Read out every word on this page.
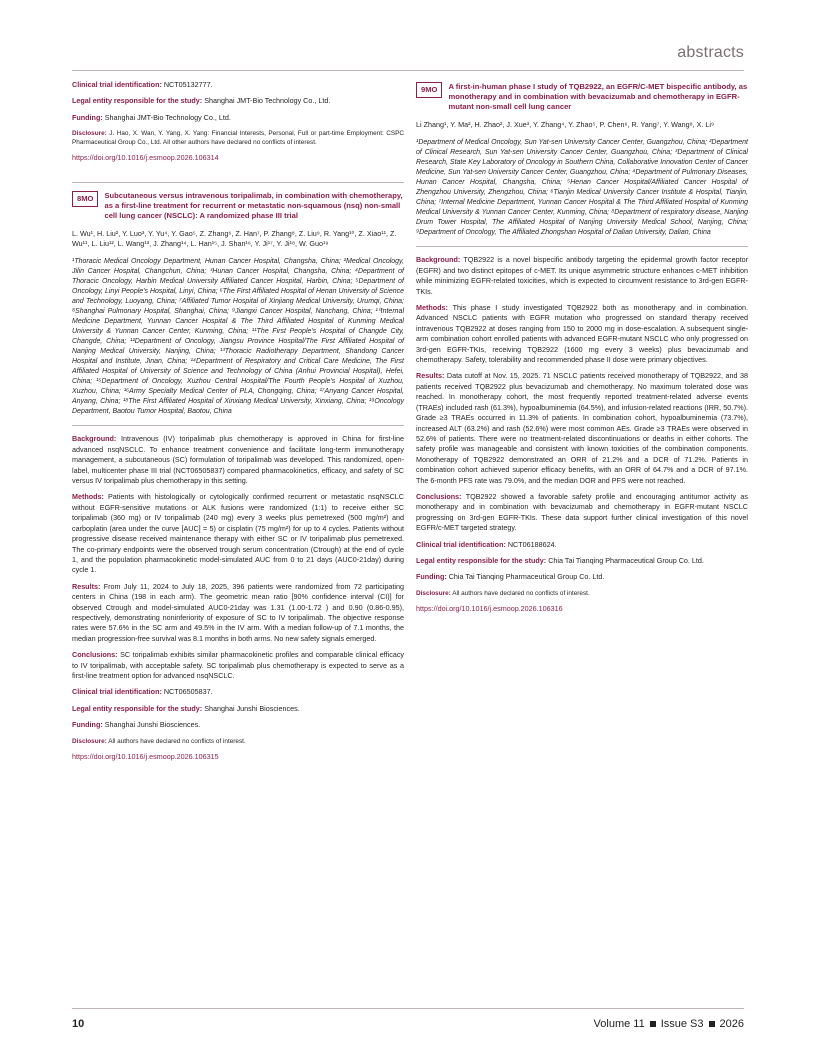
abstracts

Clinical trial identification: NCT05132777.

Legal entity responsible for the study: Shanghai JMT-Bio Technology Co., Ltd.

Funding: Shanghai JMT-Bio Technology Co., Ltd.

Disclosure: J. Hao, X. Wan, Y. Yang, X. Yang: Financial Interests, Personal, Full or part-time Employment: CSPC Pharmaceutical Group Co., Ltd. All other authors have declared no conflicts of interest.

https://doi.org/10.1016/j.esmoop.2026.106314

8MO	Subcutaneous versus intravenous toripalimab, in combination with chemotherapy, as a first-line treatment for recurrent or metastatic non-squamous (nsq) non-small cell lung cancer (NSCLC): A randomized phase III trial
L. Wu¹, H. Liu², Y. Luo³, Y. Yu⁴, Y. Gao⁵, Z. Zhang⁶, Z. Han⁷, P. Zhang⁸, Z. Liu⁹, R. Yang¹⁰, Z. Xiao¹¹, Z. Wu¹¹, L. Liu¹², L. Wang¹³, J. Zhang¹⁴, L. Han¹⁵, J. Shan¹⁶, Y. Ji¹⁷, Y. Ji¹⁸, W. Guo¹⁹
¹Thoracic Medical Oncology Department, Hunan Cancer Hospital, Changsha, China; ²Medical Oncology, Jilin Cancer Hospital, Changchun, China; ³Hunan Cancer Hospital, Changsha, China; ⁴Department of Thoracic Oncology, Harbin Medical University Affiliated Cancer Hospital, Harbin, China; ⁵Department of Oncology, Linyi People's Hospital, Linyi, China; ⁶The First Affiliated Hospital of Henan University of Science and Technology, Luoyang, China; ⁷Affiliated Tumor Hospital of Xinjiang Medical University, Urumqi, China; ⁸Shanghai Pulmonary Hospital, Shanghai, China; ⁹Jiangxi Cancer Hospital, Nanchang, China; ¹⁰Internal Medicine Department, Yunnan Cancer Hospital & The Third Affiliated Hospital of Kunming Medical University & Yunnan Cancer Center, Kunming, China; ¹¹The First People's Hospital of Changde City, Changde, China; ¹²Department of Oncology, Jiangsu Province Hospital/The First Affiliated Hospital of Nanjing Medical University, Nanjing, China; ¹³Thoracic Radiotherapy Department, Shandong Cancer Hospital and Institute, Jinan, China; ¹⁴Department of Respiratory and Critical Care Medicine, The First Affiliated Hospital of University of Science and Technology of China (Anhui Provincial Hospital), Hefei, China; ¹⁵Department of Oncology, Xuzhou Central Hospital/The Fourth People's Hospital of Xuzhou, Xuzhou, China; ¹⁶Army Specialty Medical Center of PLA, Chongqing, China; ¹⁷Anyang Cancer Hospital, Anyang, China; ¹⁸The First Affiliated Hospital of Xinxiang Medical University, Xinxiang, China; ¹⁹Oncology Department, Baotou Tumor Hospital, Baotou, China

Background: Intravenous (IV) toripalimab plus chemotherapy is approved in China for first-line advanced nsqNSCLC. To enhance treatment convenience and facilitate long-term immunotherapy management, a subcutaneous (SC) formulation of toripalimab was developed. This randomized, open-label, multicenter phase III trial (NCT06505837) compared pharmacokinetics, efficacy, and safety of SC versus IV toripalimab plus chemotherapy in this setting.

Methods: Patients with histologically or cytologically confirmed recurrent or metastatic nsqNSCLC without EGFR-sensitive mutations or ALK fusions were randomized (1:1) to receive either SC toripalimab (360 mg) or IV toripalimab (240 mg) every 3 weeks plus pemetrexed (500 mg/m²) and carboplatin (area under the curve [AUC] = 5) or cisplatin (75 mg/m²) for up to 4 cycles. Patients without progressive disease received maintenance therapy with either SC or IV toripalimab plus pemetrexed. The co-primary endpoints were the observed trough serum concentration (Ctrough) at the end of cycle 1, and the population pharmacokinetic model-simulated AUC from 0 to 21 days (AUC0-21day) during cycle 1.

Results: From July 11, 2024 to July 18, 2025, 396 patients were randomized from 72 participating centers in China (198 in each arm). The geometric mean ratio [90% confidence interval (CI)] for observed Ctrough and model-simulated AUC0-21day was 1.31 (1.00-1.72 ) and 0.90 (0.86-0.95), respectively, demonstrating noninferiority of exposure of SC to IV toripalimab. The objective response rates were 57.6% in the SC arm and 49.5% in the IV arm. With a median follow-up of 7.1 months, the median progression-free survival was 8.1 months in both arms. No new safety signals emerged.

Conclusions: SC toripalimab exhibits similar pharmacokinetic profiles and comparable clinical efficacy to IV toripalimab, with acceptable safety. SC toripalimab plus chemotherapy is expected to serve as a first-line treatment option for advanced nsqNSCLC.

Clinical trial identification: NCT06505837.

Legal entity responsible for the study: Shanghai Junshi Biosciences.

Funding: Shanghai Junshi Biosciences.

Disclosure: All authors have declared no conflicts of interest.

https://doi.org/10.1016/j.esmoop.2026.106315

9MO	A first-in-human phase I study of TQB2922, an EGFR/C-MET bispecific antibody, as monotherapy and in combination with bevacizumab and chemotherapy in EGFR-mutant non-small cell lung cancer
Li Zhang¹, Y. Ma², H. Zhao², J. Xue³, Y. Zhang⁴, Y. Zhao⁵, P. Chen⁶, R. Yang⁷, Y. Wang⁸, X. Li⁹
¹Department of Medical Oncology, Sun Yat-sen University Cancer Center, Guangzhou, China; ²Department of Clinical Research, Sun Yat-sen University Cancer Center, Guangzhou, China; ³Department of Clinical Research, State Key Laboratory of Oncology in Southern China, Collaborative Innovation Center of Cancer Medicine, Sun Yat-sen University Cancer Center, Guangzhou, China; ⁴Department of Pulmonary Diseases, Hunan Cancer Hospital, Changsha, China; ⁵Henan Cancer Hospital/Affiliated Cancer Hospital of Zhengzhou University, Zhengzhou, China; ⁶Tianjin Medical University Cancer Institute & Hospital, Tianjin, China; ⁷Internal Medicine Department, Yunnan Cancer Hospital & The Third Affiliated Hospital of Kunming Medical University & Yunnan Cancer Center, Kunming, China; ⁸Department of respiratory disease, Nanjing Drum Tower Hospital, The Affiliated Hospital of Nanjing University Medical School, Nanjing, China; ⁹Department of Oncology, The Affiliated Zhongshan Hospital of Dalian University, Dalian, China

Background: TQB2922 is a novel bispecific antibody targeting the epidermal growth factor receptor (EGFR) and two distinct epitopes of c-MET. Its unique asymmetric structure enhances c-MET inhibition while minimizing EGFR-related toxicities, which is expected to circumvent resistance to 3rd-gen EGFR-TKIs.

Methods: This phase I study investigated TQB2922 both as monotherapy and in combination. Advanced NSCLC patients with EGFR mutation who progressed on standard therapy received intravenous TQB2922 at doses ranging from 150 to 2000 mg in dose-escalation. A subsequent single-arm combination cohort enrolled patients with advanced EGFR-mutant NSCLC who only progressed on 3rd-gen EGFR-TKIs, receiving TQB2922 (1600 mg every 3 weeks) plus bevacizumab and chemotherapy. Safety, tolerability and recommended phase II dose were primary objectives.

Results: Data cutoff at Nov. 15, 2025. 71 NSCLC patients received monotherapy of TQB2922, and 38 patients received TQB2922 plus bevacizumab and chemotherapy. No maximum tolerated dose was reached. In monotherapy cohort, the most frequently reported treatment-related adverse events (TRAEs) included rash (61.3%), hypoalbuminemia (64.5%), and infusion-related reactions (IRR, 50.7%). Grade ≥3 TRAEs occurred in 11.3% of patients. In combination cohort, hypoalbuminemia (73.7%), increased ALT (63.2%) and rash (52.6%) were most common AEs. Grade ≥3 TRAEs were observed in 52.6% of patients. There were no treatment-related discontinuations or deaths in either cohorts. The safety profile was manageable and consistent with known toxicities of the combination components. Monotherapy of TQB2922 demonstrated an ORR of 21.2% and a DCR of 71.2%. Patients in combination cohort achieved superior efficacy benefits, with an ORR of 64.7% and a DCR of 97.1%. The 6-month PFS rate was 79.0%, and the median DOR and PFS were not reached.

Conclusions: TQB2922 showed a favorable safety profile and encouraging antitumor activity as monotherapy and in combination with bevacizumab and chemotherapy in EGFR-mutant NSCLC progressing on 3rd-gen EGFR-TKIs. These data support further clinical investigation of this novel EGFR/c-MET targeted strategy.

Clinical trial identification: NCT06188624.

Legal entity responsible for the study: Chia Tai Tianqing Pharmaceutical Group Co. Ltd.

Funding: Chia Tai Tianqing Pharmaceutical Group Co. Ltd.

Disclosure: All authors have declared no conflicts of interest.

https://doi.org/10.1016/j.esmoop.2026.106316

10	Volume 11 Issue S3 2026
